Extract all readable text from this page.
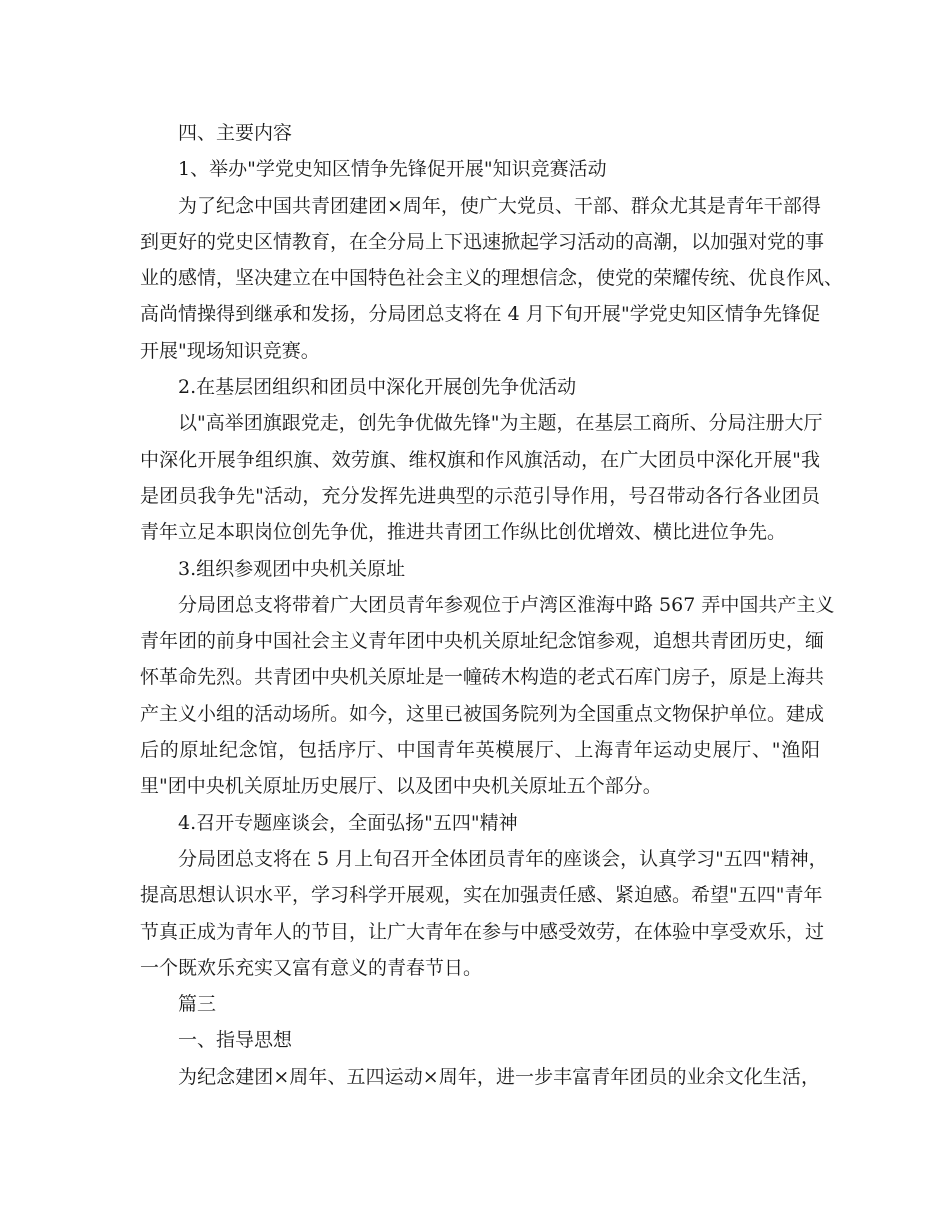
四、主要内容
1、举办"学党史知区情争先锋促开展"知识竞赛活动
为了纪念中国共青团建团×周年，使广大党员、干部、群众尤其是青年干部得
到更好的党史区情教育，在全分局上下迅速掀起学习活动的高潮，以加强对党的事
业的感情，坚决建立在中国特色社会主义的理想信念，使党的荣耀传统、优良作风、
高尚情操得到继承和发扬，分局团总支将在 4 月下旬开展"学党史知区情争先锋促
开展"现场知识竞赛。
2.在基层团组织和团员中深化开展创先争优活动
以"高举团旗跟党走，创先争优做先锋"为主题，在基层工商所、分局注册大厅
中深化开展争组织旗、效劳旗、维权旗和作风旗活动，在广大团员中深化开展"我
是团员我争先"活动，充分发挥先进典型的示范引导作用，号召带动各行各业团员
青年立足本职岗位创先争优，推进共青团工作纵比创优增效、横比进位争先。
3.组织参观团中央机关原址
分局团总支将带着广大团员青年参观位于卢湾区淮海中路 567 弄中国共产主义
青年团的前身中国社会主义青年团中央机关原址纪念馆参观，追想共青团历史，缅
怀革命先烈。共青团中央机关原址是一幢砖木构造的老式石库门房子，原是上海共
产主义小组的活动场所。如今，这里已被国务院列为全国重点文物保护单位。建成
后的原址纪念馆，包括序厅、中国青年英模展厅、上海青年运动史展厅、"渔阳
里"团中央机关原址历史展厅、以及团中央机关原址五个部分。
4.召开专题座谈会，全面弘扬"五四"精神
分局团总支将在 5 月上旬召开全体团员青年的座谈会，认真学习"五四"精神，
提高思想认识水平，学习科学开展观，实在加强责任感、紧迫感。希望"五四"青年
节真正成为青年人的节目，让广大青年在参与中感受效劳，在体验中享受欢乐，过
一个既欢乐充实又富有意义的青春节日。
篇三
一、指导思想
为纪念建团×周年、五四运动×周年，进一步丰富青年团员的业余文化生活，
